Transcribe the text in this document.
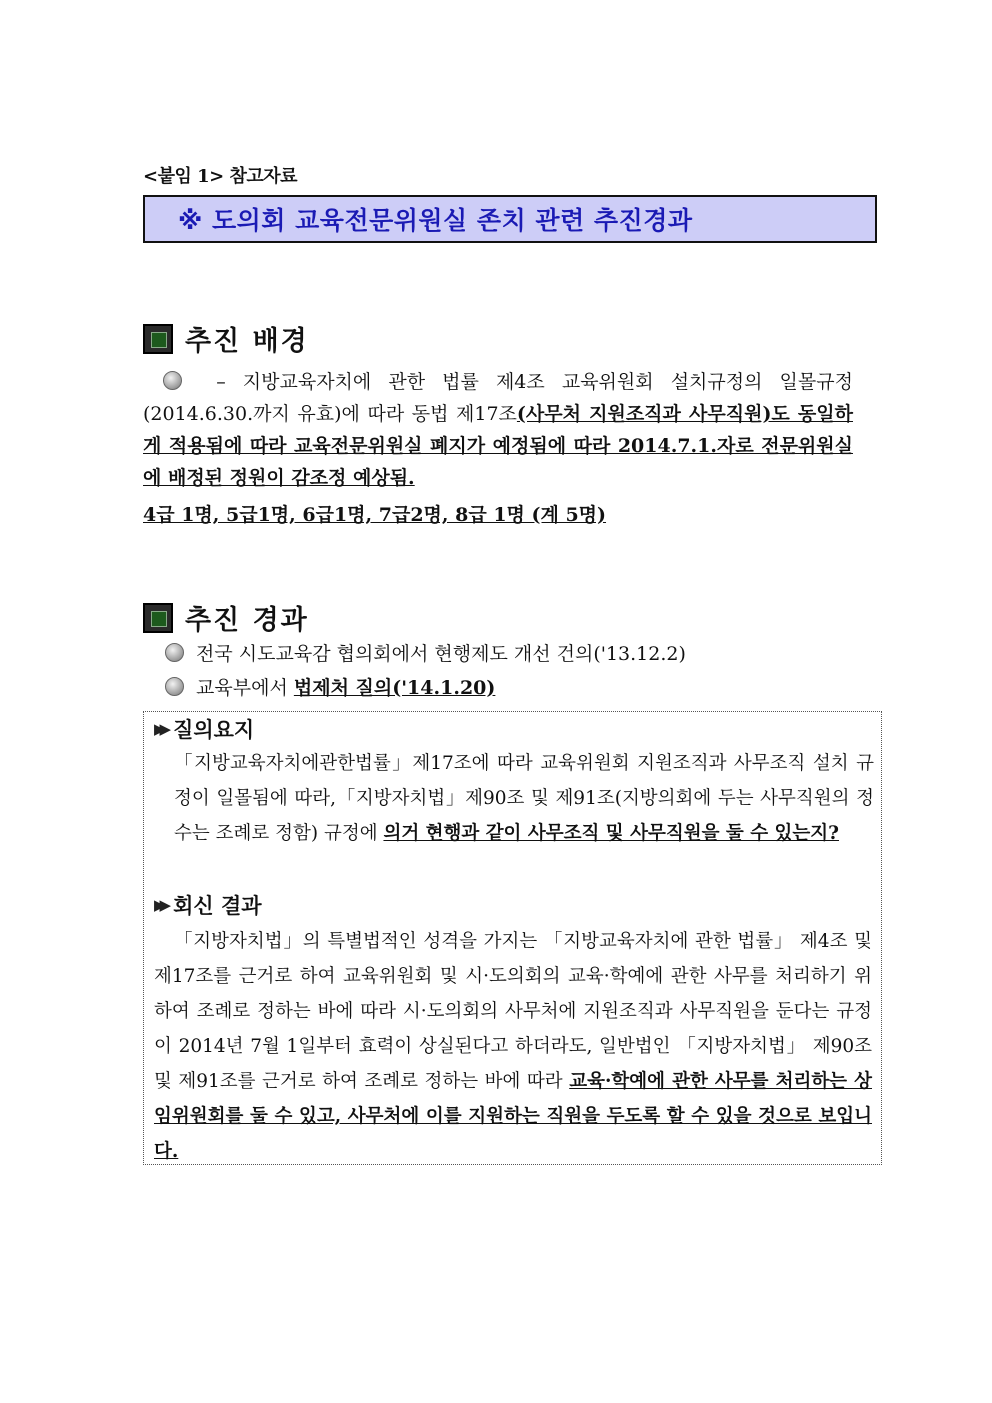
<붙임 1> 참고자료
※ 도의회 교육전문위원실 존치 관련 추진경과
추진 배경
– 지방교육자치에 관한 법률 제4조 교육위원회 설치규정의 일몰규정(2014.6.30.까지 유효)에 따라 동법 제17조(사무처 지원조직과 사무직원)도 동일하게 적용됨에 따라 교육전문위원실 폐지가 예정됨에 따라 2014.7.1.자로 전문위원실에 배정된 정원이 감조정 예상됨.
4급 1명, 5급1명, 6급1명, 7급2명, 8급 1명 (계 5명)
추진 경과
전국 시도교육감 협의회에서 현행제도 개선 건의('13.12.2)
교육부에서 법제처 질의('14.1.20)
▶▶ 질의요지
「지방교육자치에관한법률」제17조에 따라 교육위원회 지원조직과 사무조직 설치 규정이 일몰됨에 따라,「지방자치법」제90조 및 제91조(지방의회에 두는 사무직원의 정수는 조례로 정함) 규정에 의거 현행과 같이 사무조직 및 사무직원을 둘 수 있는지?
▶▶ 회신 결과
「지방자치법」의 특별법적인 성격을 가지는 「지방교육자치에 관한 법률」 제4조 및 제17조를 근거로 하여 교육위원회 및 시·도의회의 교육·학예에 관한 사무를 처리하기 위하여 조례로 정하는 바에 따라 시·도의회의 사무처에 지원조직과 사무직원을 둔다는 규정이 2014년 7월 1일부터 효력이 상실된다고 하더라도, 일반법인 「지방자치법」 제90조 및 제91조를 근거로 하여 조례로 정하는 바에 따라 교육·학예에 관한 사무를 처리하는 상임위원회를 둘 수 있고, 사무처에 이를 지원하는 직원을 두도록 할 수 있을 것으로 보입니다.
